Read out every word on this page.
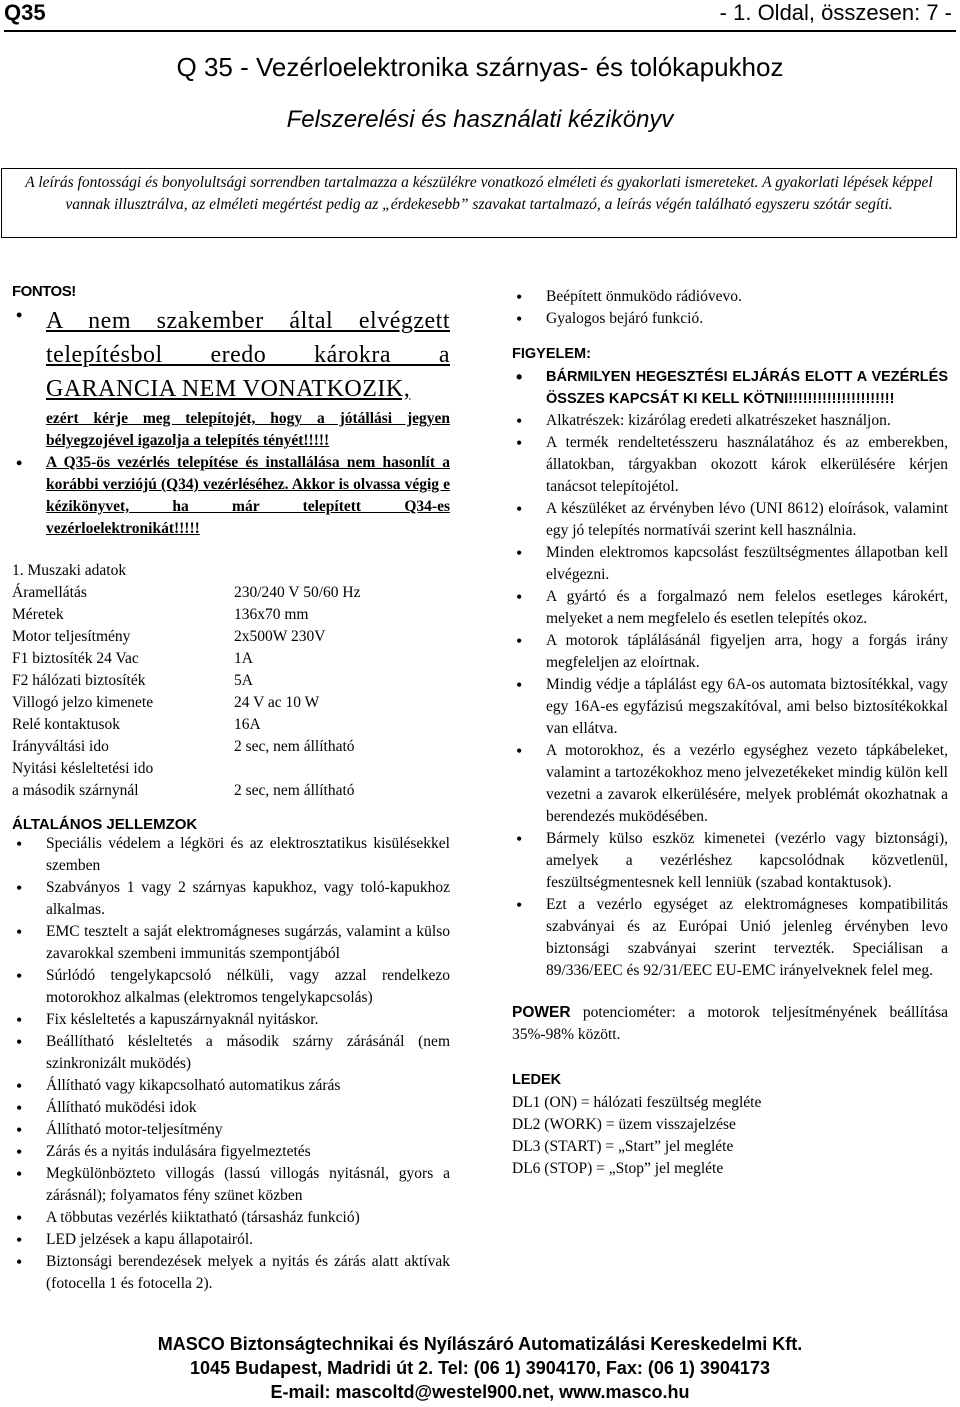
Q35	- 1. Oldal, összesen: 7 -
Q 35 - Vezérloelektronika szárnyas- és tolókapukhoz
Felszerelési és használati kézikönyv
A leírás fontossági és bonyolultsági sorrendben tartalmazza a készülékre vonatkozó elméleti és gyakorlati ismereteket. A gyakorlati lépések képpel vannak illusztrálva, az elméleti megértést pedig az „érdekesebb” szavakat tartalmazó, a leírás végén található egyszeru szótár segíti.
FONTOS!
• A nem szakember által elvégzett telepítésbol eredo károkra a GARANCIA NEM VONATKOZIK,
ezért kérje meg telepítojét, hogy a jótállási jegyen bélyegzojével igazolja a telepítés tényét!!!!!
• A Q35-ös vezérlés telepítése és installálása nem hasonlít a korábbi verziójú (Q34) vezérléséhez. Akkor is olvassa végig e kézikönyvet, ha már telepített Q34-es vezérloelektronikát!!!!!
1. Muszaki adatok
Áramellátás	230/240 V 50/60 Hz
Méretek	136x70 mm
Motor teljesítmény	2x500W 230V
F1 biztosíték 24 Vac	1A
F2 hálózati biztosíték	5A
Villogó jelzo kimenete	24 V ac 10 W
Relé kontaktusok	16A
Irányváltási ido	2 sec, nem állítható
Nyitási késleltetési ido
a második szárnynál	2 sec, nem állítható
ÁLTALÁNOS JELLEMZOK
• Speciális védelem a légköri és az elektrosztatikus kisülésekkel szemben
• Szabványos 1 vagy 2 szárnyas kapukhoz, vagy toló-kapukhoz alkalmas.
• EMC tesztelt a saját elektromágneses sugárzás, valamint a külso zavarokkal szembeni immunitás szempontjából
• Súrlódó tengelykapcsoló nélküli, vagy azzal rendelkezo motorokhoz alkalmas (elektromos tengelykapcsolás)
• Fix késleltetés a kapuszárnyaknál nyitáskor.
• Beállítható késleltetés a második szárny zárásánál (nem szinkronizált muködés)
• Állítható vagy kikapcsolható automatikus zárás
• Állítható muködési idok
• Állítható motor-teljesítmény
• Zárás és a nyitás indulására figyelmeztetés
• Megkülönbözteto villogás (lassú villogás nyitásnál, gyors a zárásnál); folyamatos fény szünet közben
• A többutas vezérlés kiiktatható (társasház funkció)
• LED jelzések a kapu állapotairól.
• Biztonsági berendezések melyek a nyitás és zárás alatt aktívak (fotocella 1 és fotocella 2).
• Beépített önmuködo rádióvevo.
• Gyalogos bejáró funkció.
FIGYELEM:
• BÁRMILYEN HEGESZTÉSI ELJÁRÁS ELOTT A VEZÉRLÉS ÖSSZES KAPCSÁT KI KELL KÖTNI!!!!!!!!!!!!!!!!!!!!!!
• Alkatrészek: kizárólag eredeti alkatrészeket használjon.
• A termék rendeltetésszeru használatához és az emberekben, állatokban, tárgyakban okozott károk elkerülésére kérjen tanácsot telepítojétol.
• A készüléket az érvényben lévo (UNI 8612) eloírások, valamint egy jó telepítés normatívái szerint kell használnia.
• Minden elektromos kapcsolást feszültségmentes állapotban kell elvégezni.
• A gyártó és a forgalmazó nem felelos esetleges károkért, melyeket a nem megfelelo és esetlen telepítés okoz.
• A motorok táplálásánál figyeljen arra, hogy a forgás irány megfeleljen az eloírtnak.
• Mindig védje a táplálást egy 6A-os automata biztosítékkal, vagy egy 16A-es egyfázisú megszakítóval, ami belso biztosítékokkal van ellátva.
• A motorokhoz, és a vezérlo egységhez vezeto tápkábeleket, valamint a tartozékokhoz meno jelvezetékeket mindig külön kell vezetni a zavarok elkerülésére, melyek problémát okozhatnak a berendezés muködésében.
• Bármely külso eszköz kimenetei (vezérlo vagy biztonsági), amelyek a vezérléshez kapcsolódnak közvetlenül, feszültségmentesnek kell lenniük (szabad kontaktusok).
• Ezt a vezérlo egységet az elektromágneses kompatibilitás szabványai és az Európai Unió jelenleg érvényben levo biztonsági szabványai szerint tervezték. Speciálisan a 89/336/EEC és 92/31/EEC EU-EMC irányelveknek felel meg.
POWER potenciométer: a motorok teljesítményének beállítása 35%-98% között.
LEDEK
DL1 (ON) = hálózati feszültség megléte
DL2 (WORK) = üzem visszajelzése
DL3 (START) = „Start” jel megléte
DL6 (STOP) = „Stop” jel megléte
MASCO Biztonságtechnikai és Nyílászáró Automatizálási Kereskedelmi Kft.
1045 Budapest, Madridi út 2. Tel: (06 1) 3904170, Fax: (06 1) 3904173
E-mail: mascoltd@westel900.net, www.masco.hu
